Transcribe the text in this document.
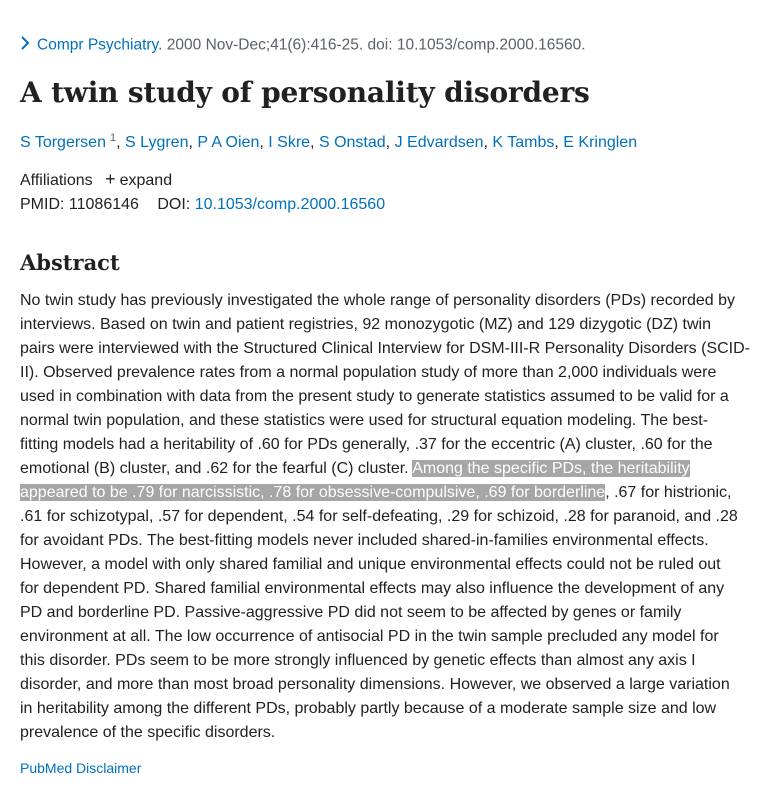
Compr Psychiatry. 2000 Nov-Dec;41(6):416-25. doi: 10.1053/comp.2000.16560.
A twin study of personality disorders
S Torgersen $^1$, S Lygren, P A Oien, I Skre, S Onstad, J Edvardsen, K Tambs, E Kringlen
Affiliations + expand
PMID: 11086146 DOI: 10.1053/comp.2000.16560
Abstract

No twin study has previously investigated the whole range of personality disorders (PDs) recorded by
interviews. Based on twin and patient registries, 92 monozygotic (MZ) and 129 dizygotic (DZ) twin
pairs were interviewed with the Structured Clinical Interview for DSM-III-R Personality Disorders (SCID-
II). Observed prevalence rates from a normal population study of more than 2,000 individuals were
used in combination with data from the present study to generate statistics assumed to be valid for a
normal twin population, and these statistics were used for structural equation modeling. The best-
fitting models had a heritability of .60 for PDs generally, .37 for the eccentric (A) cluster, .60 for the
emotional (B) cluster, and .62 for the fearful (C) cluster. Among the specific PDs, the heritability
appeared to be .79 for narcissistic, .78 for obsessive-compulsive, .69 for borderline, .67 for histrionic,
.61 for schizotypal, .57 for dependent, .54 for self-defeating, .29 for schizoid, .28 for paranoid, and .28
for avoidant PDs. The best-fitting models never included shared-in-families environmental effects.
However, a model with only shared familial and unique environmental effects could not be ruled out
for dependent PD. Shared familial environmental effects may also influence the development of any
PD and borderline PD. Passive-aggressive PD did not seem to be affected by genes or family
environment at all. The low occurrence of antisocial PD in the twin sample precluded any model for
this disorder. PDs seem to be more strongly influenced by genetic effects than almost any axis I
disorder, and more than most broad personality dimensions. However, we observed a large variation
in heritability among the different PDs, probably partly because of a moderate sample size and low
prevalence of the specific disorders.

PubMed Disclaimer
